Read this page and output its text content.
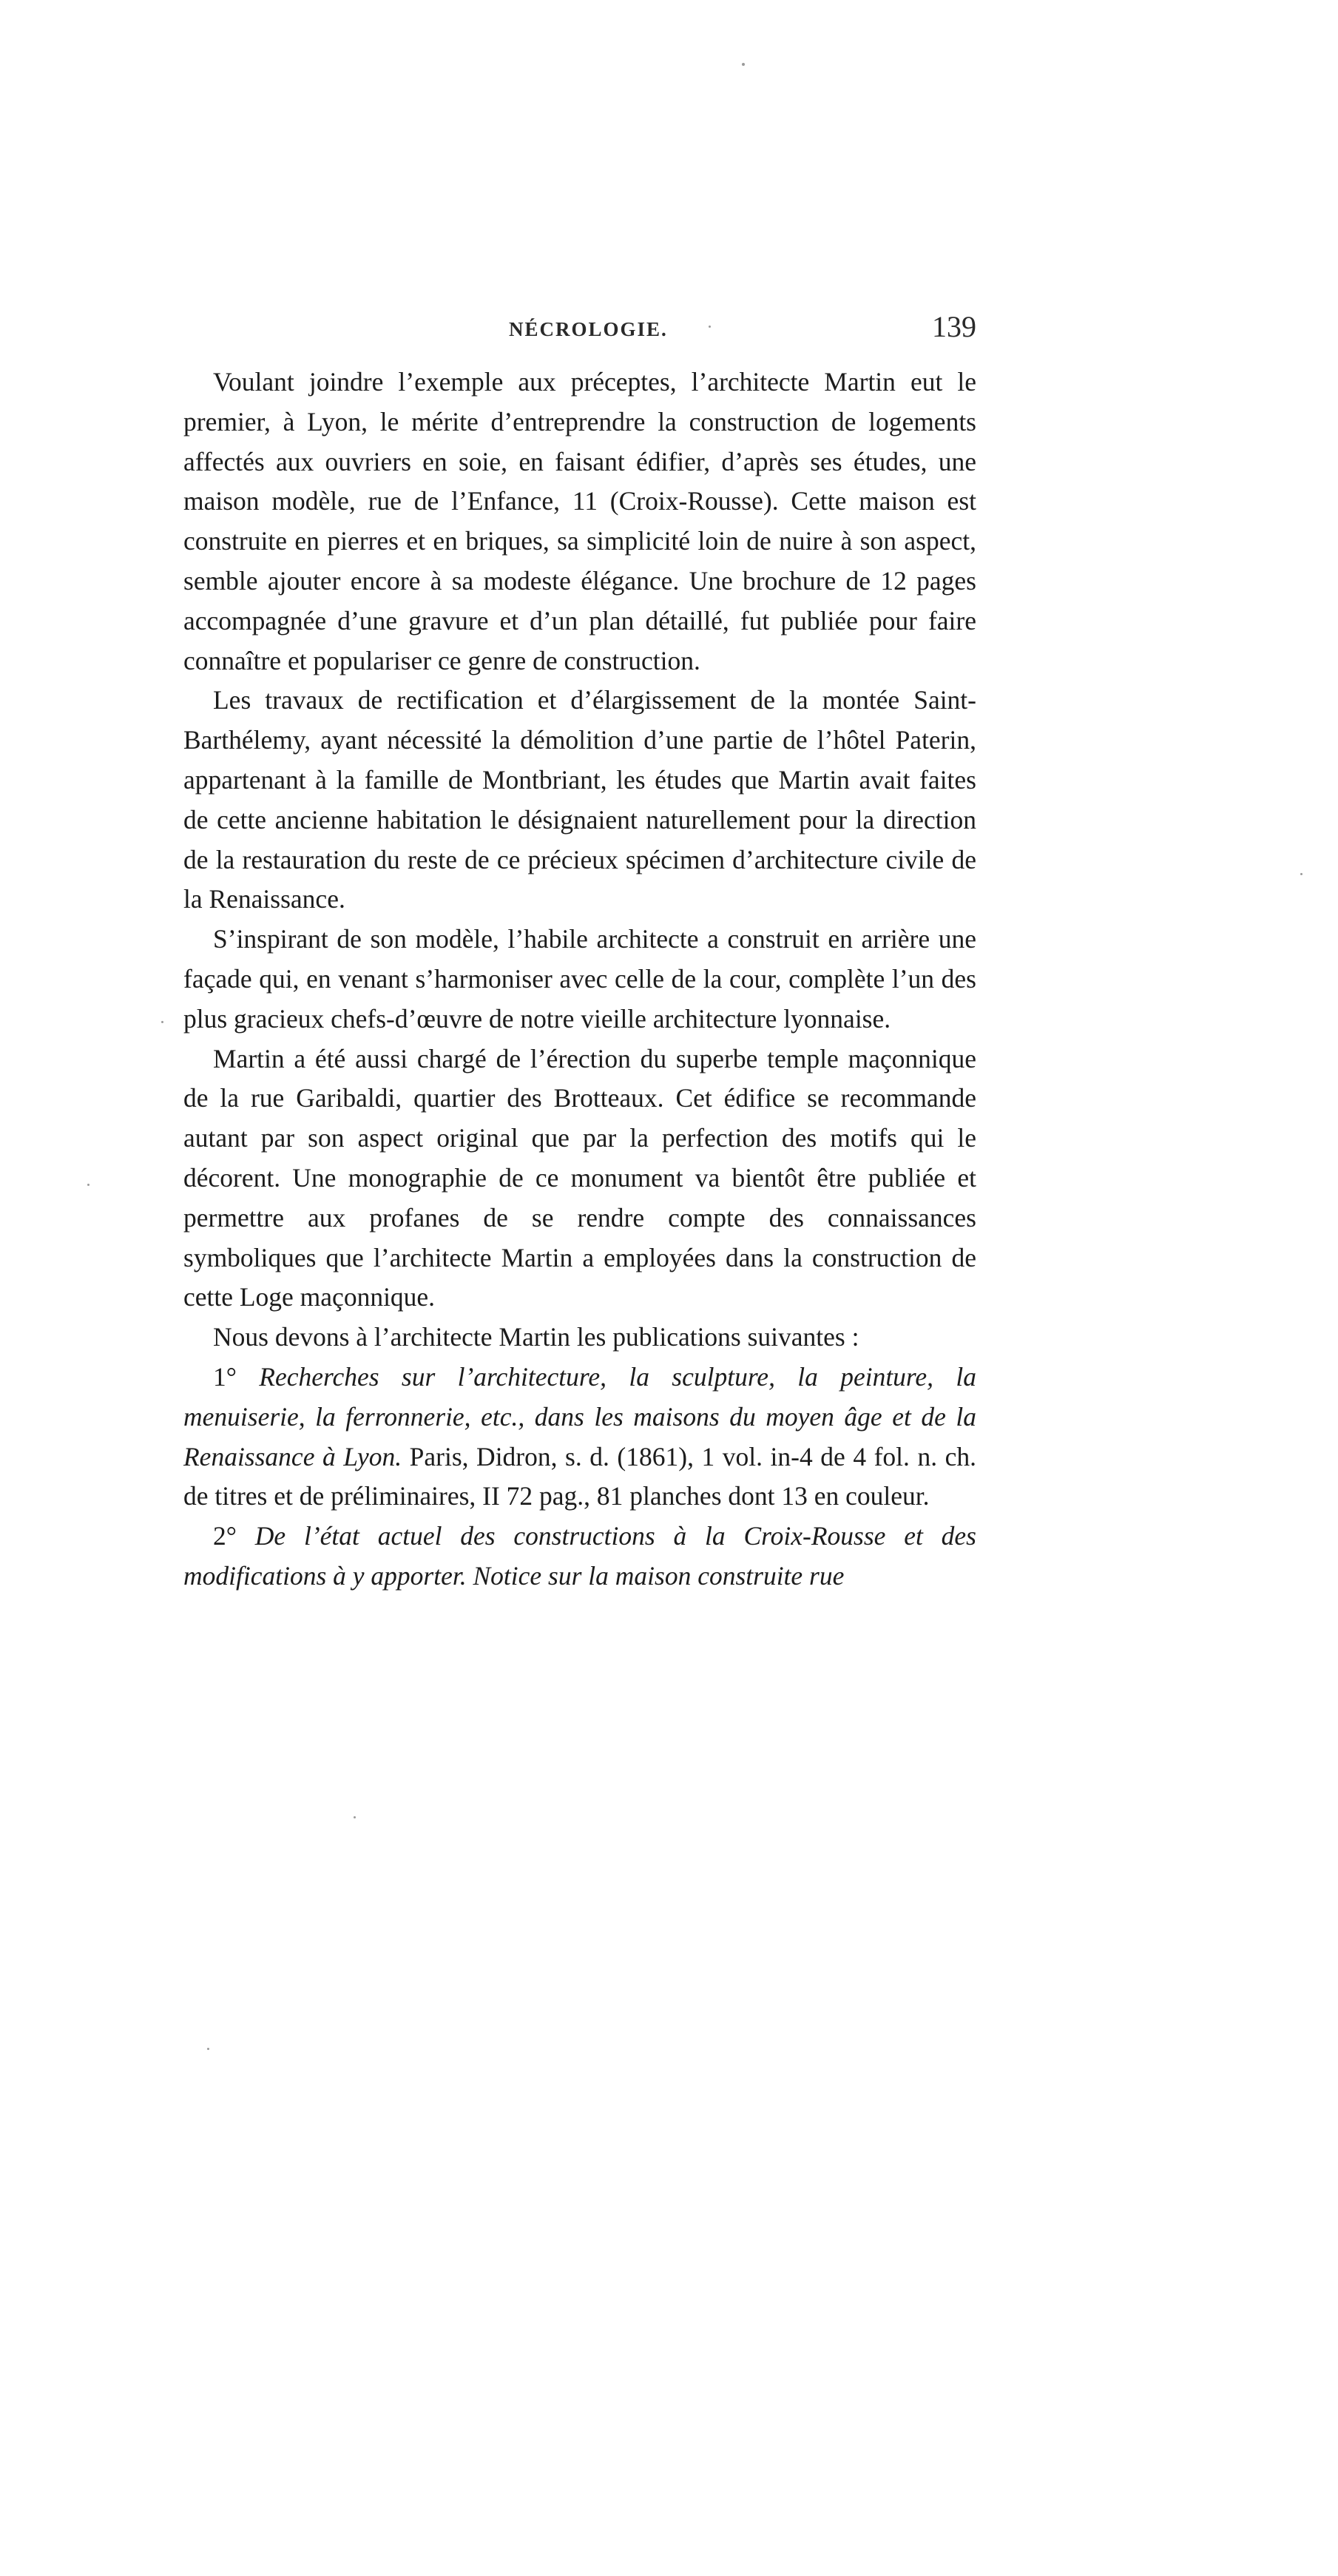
NÉCROLOGIE.	139

Voulant joindre l’exemple aux préceptes, l’architecte Martin eut le premier, à Lyon, le mérite d’entreprendre la construction de logements affectés aux ouvriers en soie, en faisant édifier, d’après ses études, une maison modèle, rue de l’Enfance, 11 (Croix-Rousse). Cette maison est construite en pierres et en briques, sa simplicité loin de nuire à son aspect, semble ajouter encore à sa modeste élégance. Une brochure de 12 pages accompagnée d’une gravure et d’un plan détaillé, fut publiée pour faire connaître et populariser ce genre de construction.

Les travaux de rectification et d’élargissement de la montée Saint-Barthélemy, ayant nécessité la démolition d’une partie de l’hôtel Paterin, appartenant à la famille de Montbriant, les études que Martin avait faites de cette ancienne habitation le désignaient naturellement pour la direction de la restauration du reste de ce précieux spécimen d’architecture civile de la Renaissance.

S’inspirant de son modèle, l’habile architecte a construit en arrière une façade qui, en venant s’harmoniser avec celle de la cour, complète l’un des plus gracieux chefs-d’œuvre de notre vieille architecture lyonnaise.

Martin a été aussi chargé de l’érection du superbe temple maçonnique de la rue Garibaldi, quartier des Brotteaux. Cet édifice se recommande autant par son aspect original que par la perfection des motifs qui le décorent. Une monographie de ce monument va bientôt être publiée et permettre aux profanes de se rendre compte des connaissances symboliques que l’architecte Martin a employées dans la construction de cette Loge maçonnique.

Nous devons à l’architecte Martin les publications suivantes :

1° Recherches sur l’architecture, la sculpture, la peinture, la menuiserie, la ferronnerie, etc., dans les maisons du moyen âge et de la Renaissance à Lyon. Paris, Didron, s. d. (1861), 1 vol. in-4 de 4 fol. n. ch. de titres et de préliminaires, II 72 pag., 81 planches dont 13 en couleur.

2° De l’état actuel des constructions à la Croix-Rousse et des modifications à y apporter. Notice sur la maison construite rue
